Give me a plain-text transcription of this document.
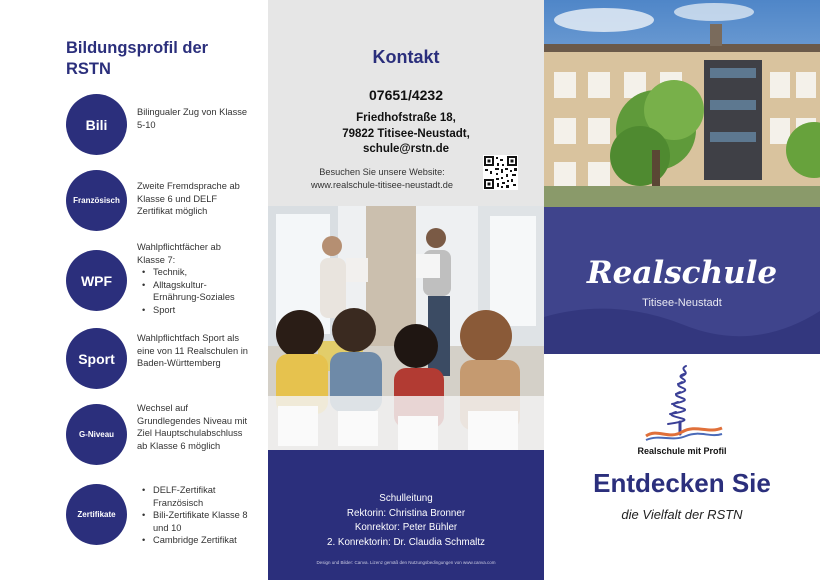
Bildungsprofil der RSTN
Bili
Bilingualer Zug von Klasse 5-10
Französisch
Zweite Fremdsprache ab Klasse 6 und DELF Zertifikat möglich
WPF
Wahlpflichtfächer ab Klasse 7:
• Technik,
• Alltagskultur-Ernährung-Soziales
• Sport
Sport
Wahlpflichtfach Sport als eine von 11 Realschulen in Baden-Württemberg
G-Niveau
Wechsel auf Grundlegendes Niveau mit Ziel Hauptschulabschluss ab Klasse 6 möglich
Zertifikate
• DELF-Zertifikat Französisch
• Bili-Zertifikate Klasse 8 und 10
• Cambridge Zertifikat
Kontakt
07651/4232
Friedhofstraße 18,
79822 Titisee-Neustadt,
schule@rstn.de
Besuchen Sie unsere Website:
www.realschule-titisee-neustadt.de
Schulleitung
Rektorin: Christina Bronner
Konrektor: Peter Bühler
2. Konrektorin: Dr. Claudia Schmaltz
Design und Bilder: Canva. Lizenz gemäß den Nutzungsbedingungen von www.canva.com
Realschule
Titisee-Neustadt
Realschule mit Profil
Entdecken Sie
die Vielfalt der RSTN
